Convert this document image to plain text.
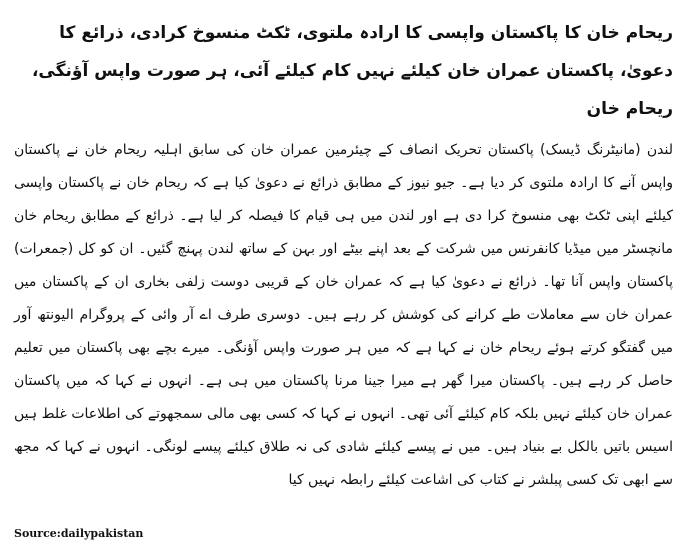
ریحام خان کا پاکستان واپسی کا ارادہ ملتوی، ٹکٹ منسوخ کرادی، ذرائع کا دعویٰ، پاکستان عمران خان کیلئے نہیں کام کیلئے آئی، ہر صورت واپس آؤنگی، ریحام خان

لندن (مانیٹرنگ ڈیسک) پاکستان تحریک انصاف کے چیئرمین عمران خان کی سابق اہلیہ ریحام خان نے پاکستان واپس آنے کا ارادہ ملتوی کر دیا ہے۔ جیو نیوز کے مطابق ذرائع نے دعویٰ کیا ہے کہ ریحام خان نے پاکستان واپسی کیلئے اپنی ٹکٹ بھی منسوخ کرا دی ہے اور لندن میں ہی قیام کا فیصلہ کر لیا ہے۔ ذرائع کے مطابق ریحام خان مانچسٹر میں میڈیا کانفرنس میں شرکت کے بعد اپنے بیٹے اور بہن کے ساتھ لندن پہنچ گئیں۔ ان کو کل (جمعرات) پاکستان واپس آنا تھا۔ ذرائع نے دعویٰ کیا ہے کہ عمران خان کے قریبی دوست زلفی بخاری ان کے پاکستان میں عمران خان سے معاملات طے کرانے کی کوشش کر رہے ہیں۔ دوسری طرف اے آر وائی کے پروگرام الیونتھ آور میں گفتگو کرتے ہوئے ریحام خان نے کہا ہے کہ میں ہر صورت واپس آؤنگی۔ میرے بچے بھی پاکستان میں تعلیم حاصل کر رہے ہیں۔ پاکستان میرا گھر ہے میرا جینا مرنا پاکستان میں ہی ہے۔ انہوں نے کہا کہ میں پاکستان عمران خان کیلئے نہیں بلکہ کام کیلئے آئی تھی۔ انہوں نے کہا کہ کسی بھی مالی سمجھوتے کی اطلاعات غلط ہیں اسیس باتیں بالکل بے بنیاد ہیں۔ میں نے پیسے کیلئے شادی کی نہ طلاق کیلئے پیسے لونگی۔ انہوں نے کہا کہ مجھ سے ابھی تک کسی پبلشر نے کتاب کی اشاعت کیلئے رابطہ نہیں کیا

Source:dailypakistan
